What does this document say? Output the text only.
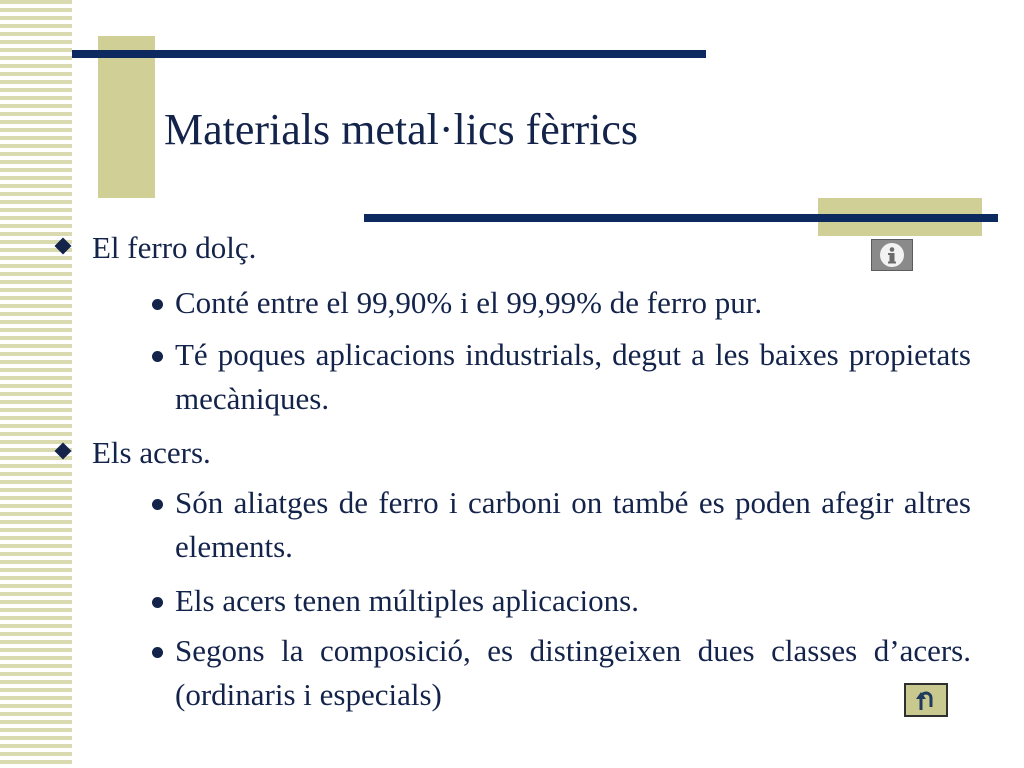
Materials metal·lics fèrrics
El ferro dolç.
Conté entre el 99,90% i el 99,99% de ferro pur.
Té poques aplicacions industrials, degut a les baixes propietats mecàniques.
Els acers.
Són aliatges de ferro i carboni on també es poden afegir altres elements.
Els acers tenen múltiples aplicacions.
Segons la composició, es distingeixen dues classes d’acers. (ordinaris i especials)
